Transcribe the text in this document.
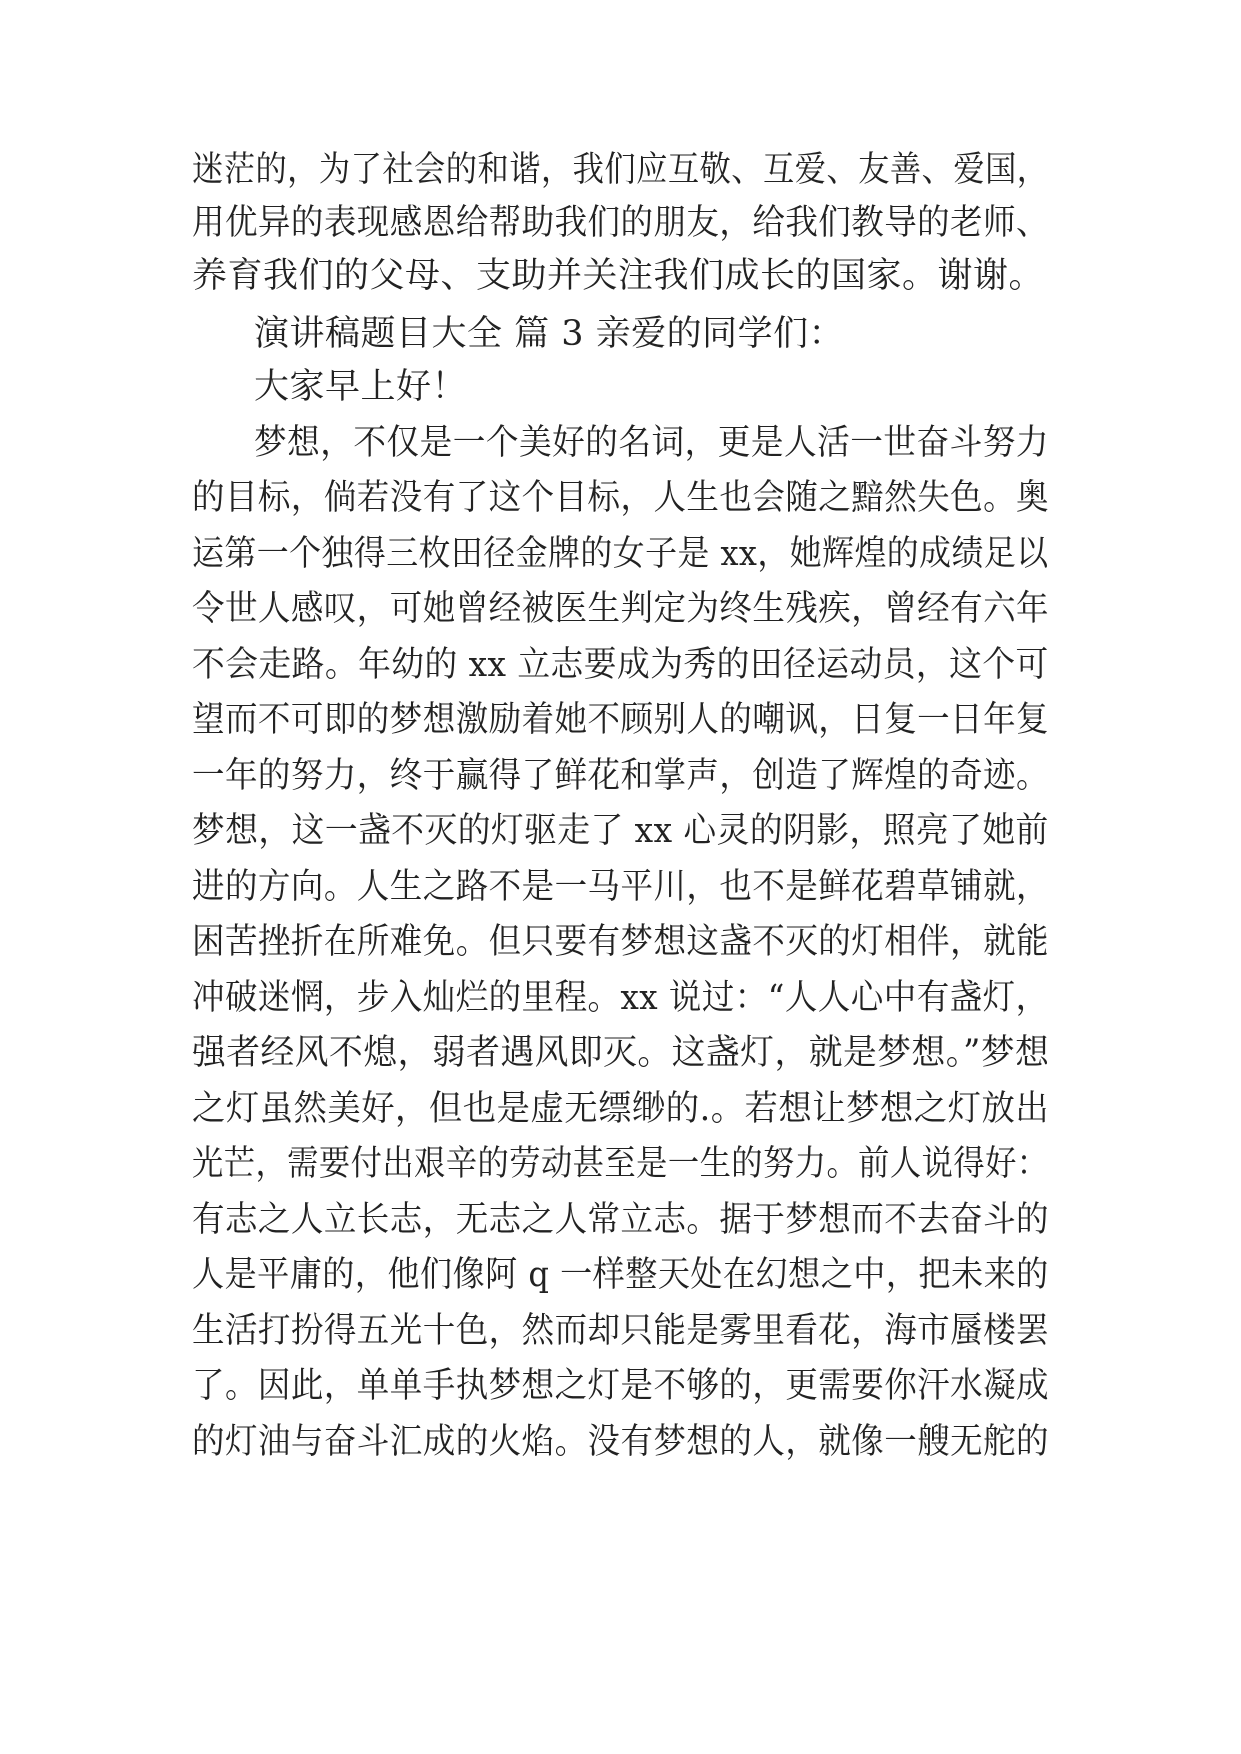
迷茫的，为了社会的和谐，我们应互敬、互爱、友善、爱国，
用优异的表现感恩给帮助我们的朋友，给我们教导的老师、
养育我们的父母、支助并关注我们成长的国家。谢谢。
演讲稿题目大全 篇 3 亲爱的同学们：
大家早上好！
梦想，不仅是一个美好的名词，更是人活一世奋斗努力
的目标，倘若没有了这个目标，人生也会随之黯然失色。奥
运第一个独得三枚田径金牌的女子是 xx，她辉煌的成绩足以
令世人感叹，可她曾经被医生判定为终生残疾，曾经有六年
不会走路。年幼的 xx 立志要成为秀的田径运动员，这个可
望而不可即的梦想激励着她不顾别人的嘲讽，日复一日年复
一年的努力，终于赢得了鲜花和掌声，创造了辉煌的奇迹。
梦想，这一盏不灭的灯驱走了 xx 心灵的阴影，照亮了她前
进的方向。人生之路不是一马平川，也不是鲜花碧草铺就，
困苦挫折在所难免。但只要有梦想这盏不灭的灯相伴，就能
冲破迷惘，步入灿烂的里程。xx 说过：“人人心中有盏灯，
强者经风不熄，弱者遇风即灭。这盏灯，就是梦想。”梦想
之灯虽然美好，但也是虚无缥缈的.。若想让梦想之灯放出
光芒，需要付出艰辛的劳动甚至是一生的努力。前人说得好：
有志之人立长志，无志之人常立志。据于梦想而不去奋斗的
人是平庸的，他们像阿 q 一样整天处在幻想之中，把未来的
生活打扮得五光十色，然而却只能是雾里看花，海市蜃楼罢
了。因此，单单手执梦想之灯是不够的，更需要你汗水凝成
的灯油与奋斗汇成的火焰。没有梦想的人，就像一艘无舵的
